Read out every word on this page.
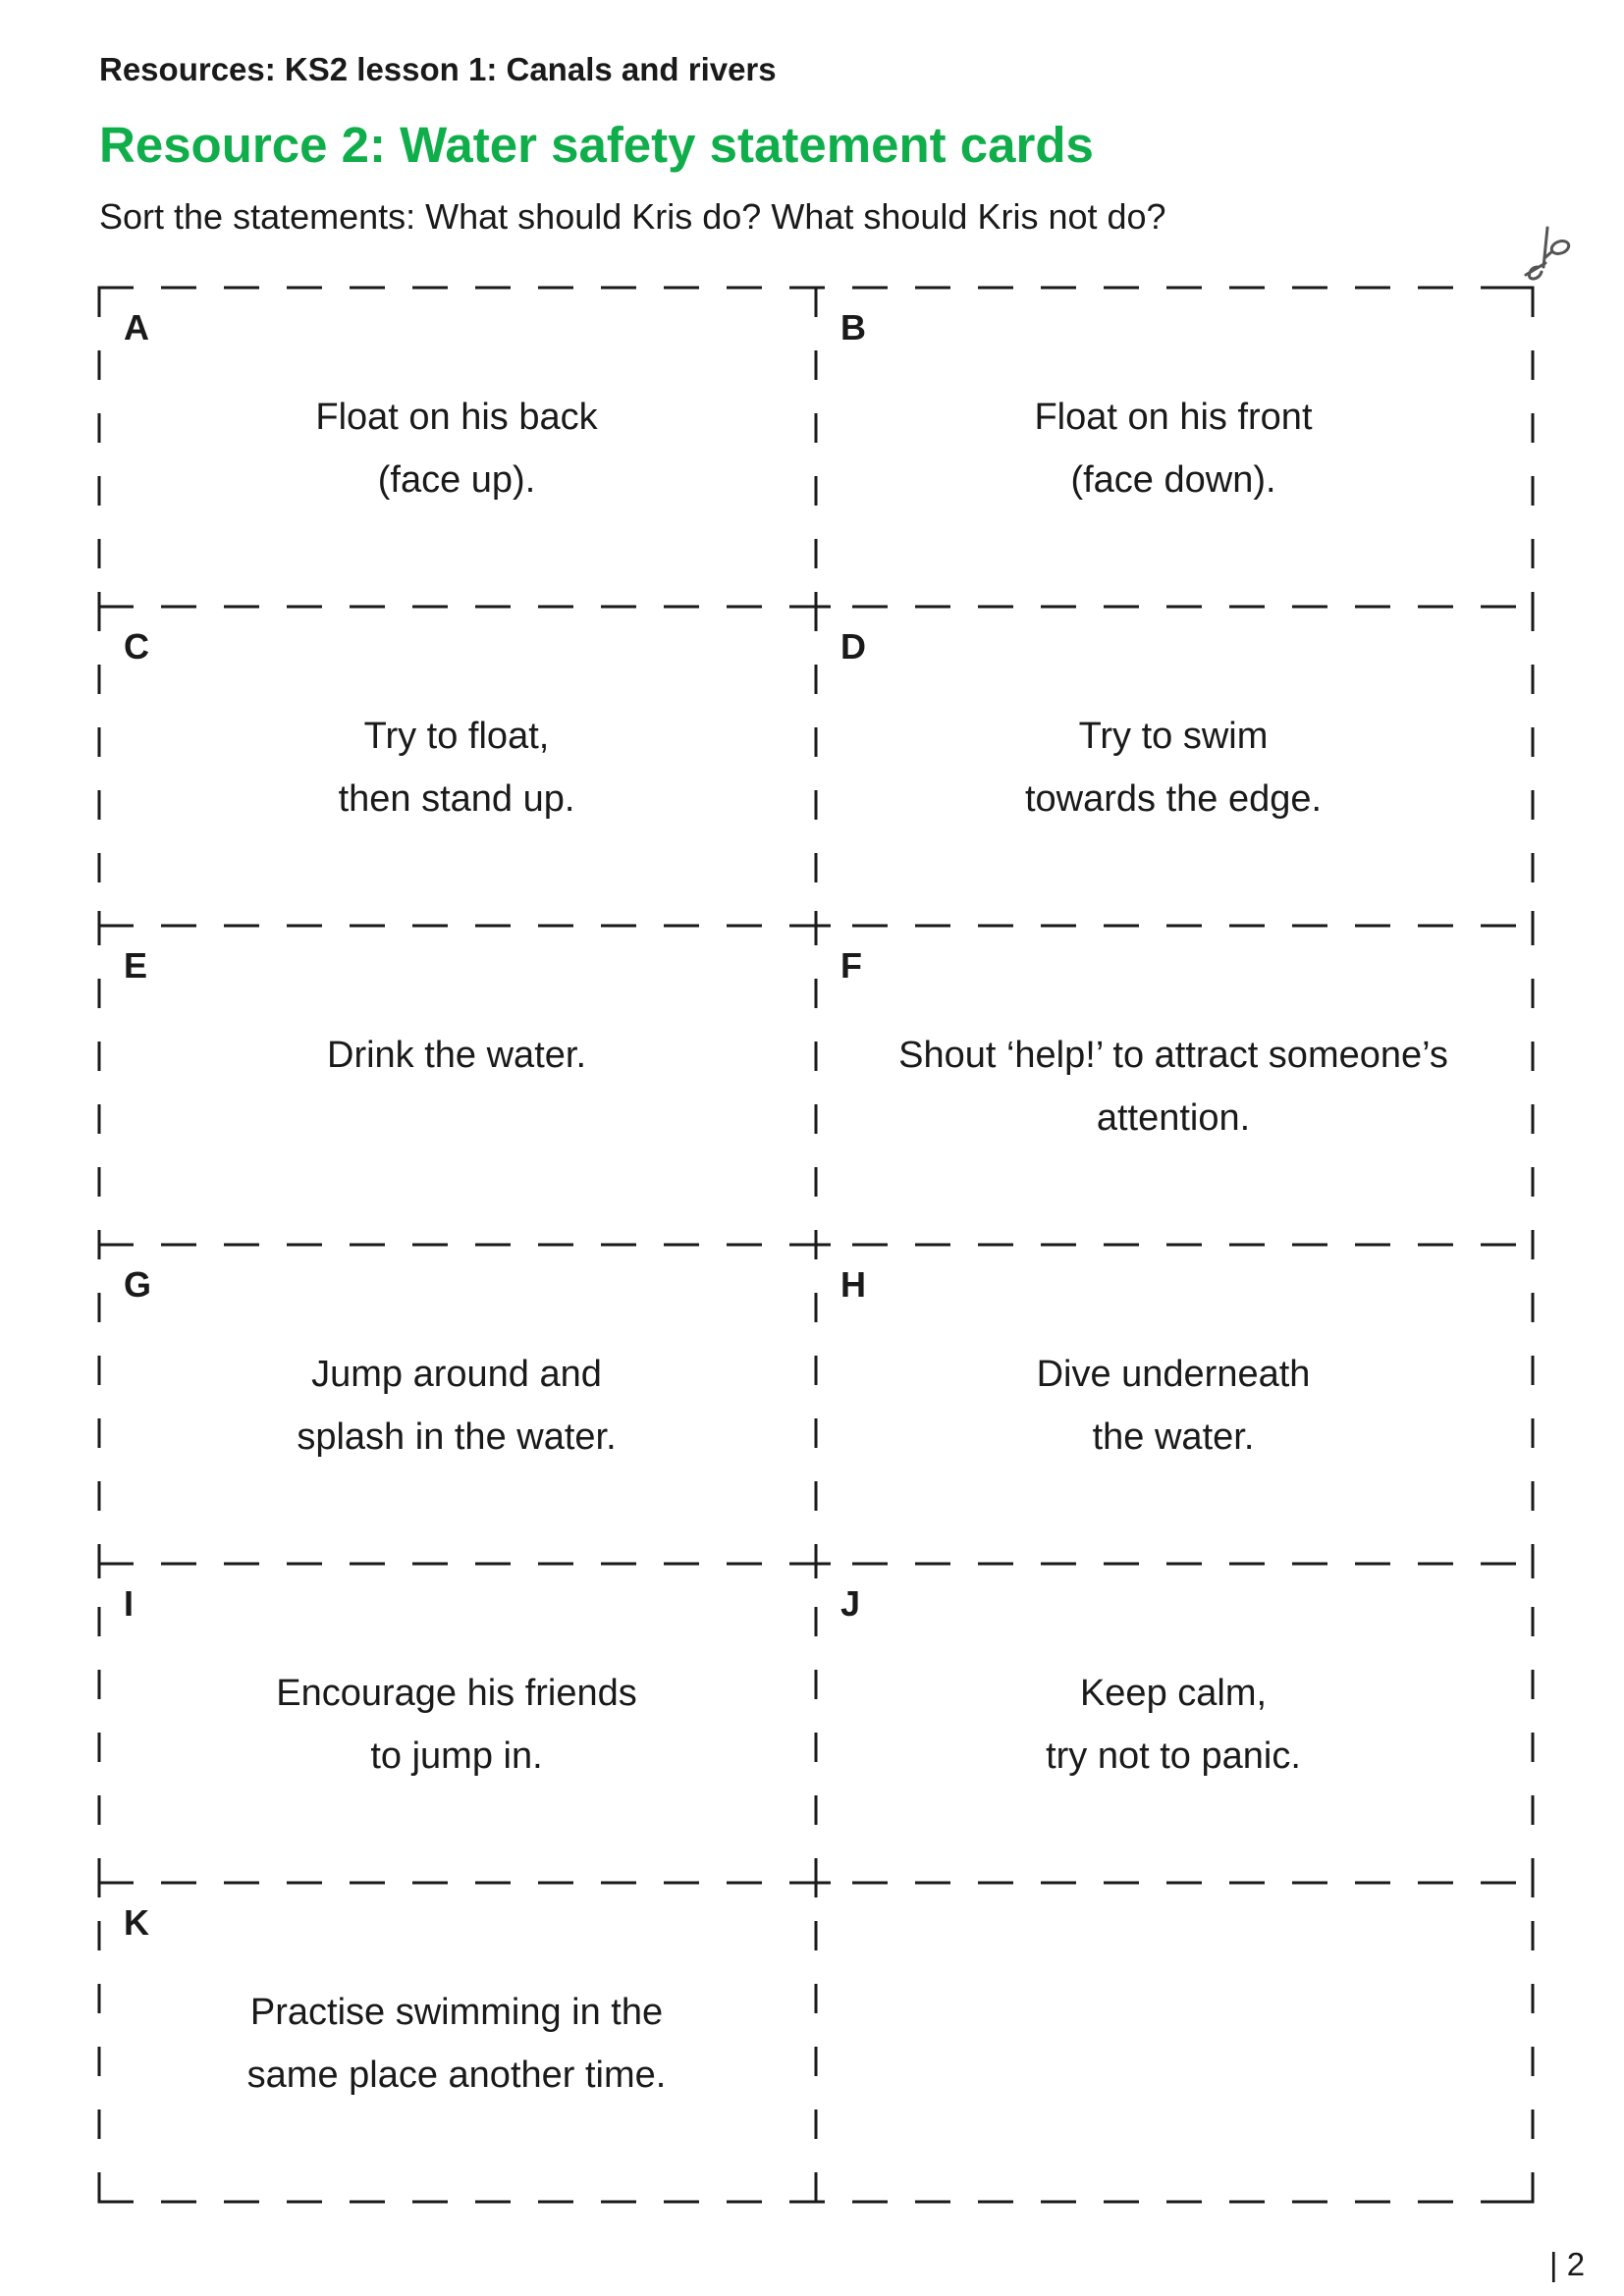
Resources: KS2 lesson 1: Canals and rivers
Resource 2: Water safety statement cards
Sort the statements: What should Kris do? What should Kris not do?
A
Float on his back
(face up).
B
Float on his front
(face down).
C
Try to float,
then stand up.
D
Try to swim
towards the edge.
E
Drink the water.
F
Shout ‘help!’ to attract someone’s
attention.
G
Jump around and
splash in the water.
H
Dive underneath
the water.
I
Encourage his friends
to jump in.
J
Keep calm,
try not to panic.
K
Practise swimming in the
same place another time.
| 2
